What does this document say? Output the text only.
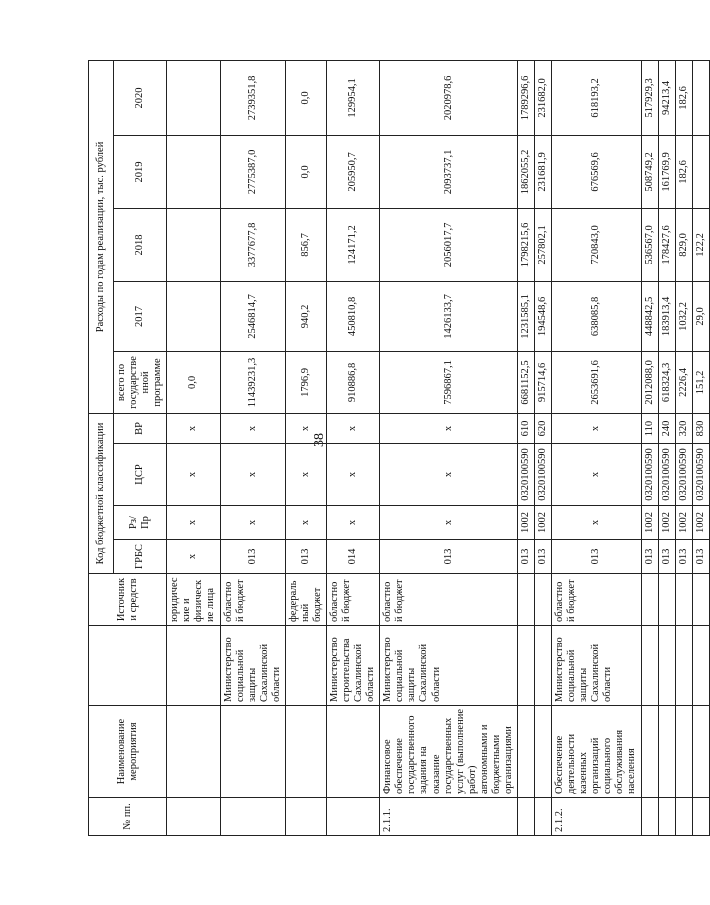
38
№ пп.	Наименование мероприятия		Источники средств	Код бюджетной классификации				Расходы по годам реализации, тыс. рублей				
				ГРБС	Рз/ Пр	ЦСР	ВР	всего по государственной программе	2017	2018	2019	2020
			юридические и физические лица	x	x	x	x	0,0				
		Министерство социальной защиты Сахалинской области	областной бюджет	013	x	x	x	11439231,3	2546814,7	3377677,8	2775387,0	2739351,8
			федеральный бюджет	013	x	x	x	1796,9	940,2	856,7	0,0	0,0
		Министерство строительства Сахалинской области	областной бюджет	014	x	x	x	910886,8	450810,8	124171,2	205950,7	129954,1
2.1.1.	Финансовое обеспечение государственного задания на оказание государственных услуг (выполнение работ) автономными и бюджетными организациями	Министерство социальной защиты Сахалинской области	областной бюджет	013	x	x	x	7596867,1	1426133,7	2056017,7	2093737,1	2020978,6
				013	1002	0320100590	610	6681152,5	1231585,1	1798215,6	1862055,2	1789296,6
				013	1002	0320100590	620	915714,6	194548,6	257802,1	231681,9	231682,0
2.1.2.	Обеспечение деятельности казенных организаций социального обслуживания населения	Министерство социальной защиты Сахалинской области	областной бюджет	013	x	x	x	2653691,6	638085,8	720843,0	676569,6	618193,2
				013	1002	0320100590	110	2012088,0	448842,5	536567,0	508749,2	517929,3
				013	1002	0320100590	240	618324,3	183913,4	178427,6	161769,9	94213,4
				013	1002	0320100590	320	2226,4	1032,2	829,0	182,6	182,6
				013	1002	0320100590	830	151,2	29,0	122,2		
